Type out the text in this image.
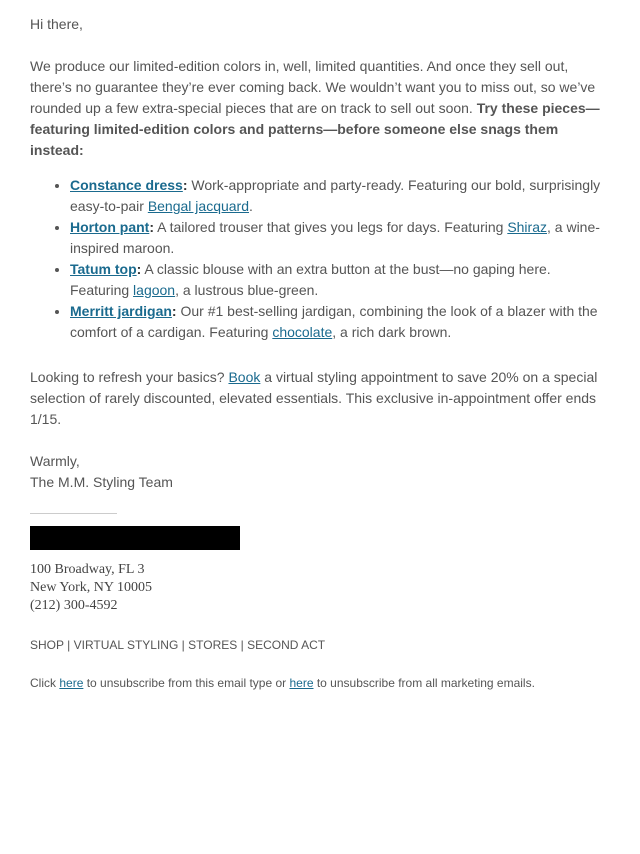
Hi there,

We produce our limited-edition colors in, well, limited quantities. And once they sell out, there’s no guarantee they’re ever coming back. We wouldn’t want you to miss out, so we’ve rounded up a few extra-special pieces that are on track to sell out soon. Try these pieces—featuring limited-edition colors and patterns—before someone else snags them instead:

• Constance dress: Work-appropriate and party-ready. Featuring our bold, surprisingly easy-to-pair Bengal jacquard.
• Horton pant: A tailored trouser that gives you legs for days. Featuring Shiraz, a wine-inspired maroon.
• Tatum top: A classic blouse with an extra button at the bust—no gaping here. Featuring lagoon, a lustrous blue-green.
• Merritt jardigan: Our #1 best-selling jardigan, combining the look of a blazer with the comfort of a cardigan. Featuring chocolate, a rich dark brown.

Looking to refresh your basics? Book a virtual styling appointment to save 20% on a special selection of rarely discounted, elevated essentials. This exclusive in-appointment offer ends 1/15.

Warmly,
The M.M. Styling Team

100 Broadway, FL 3
New York, NY 10005
(212) 300-4592
SHOP | VIRTUAL STYLING | STORES | SECOND ACT

Click here to unsubscribe from this email type or here to unsubscribe from all marketing emails.
